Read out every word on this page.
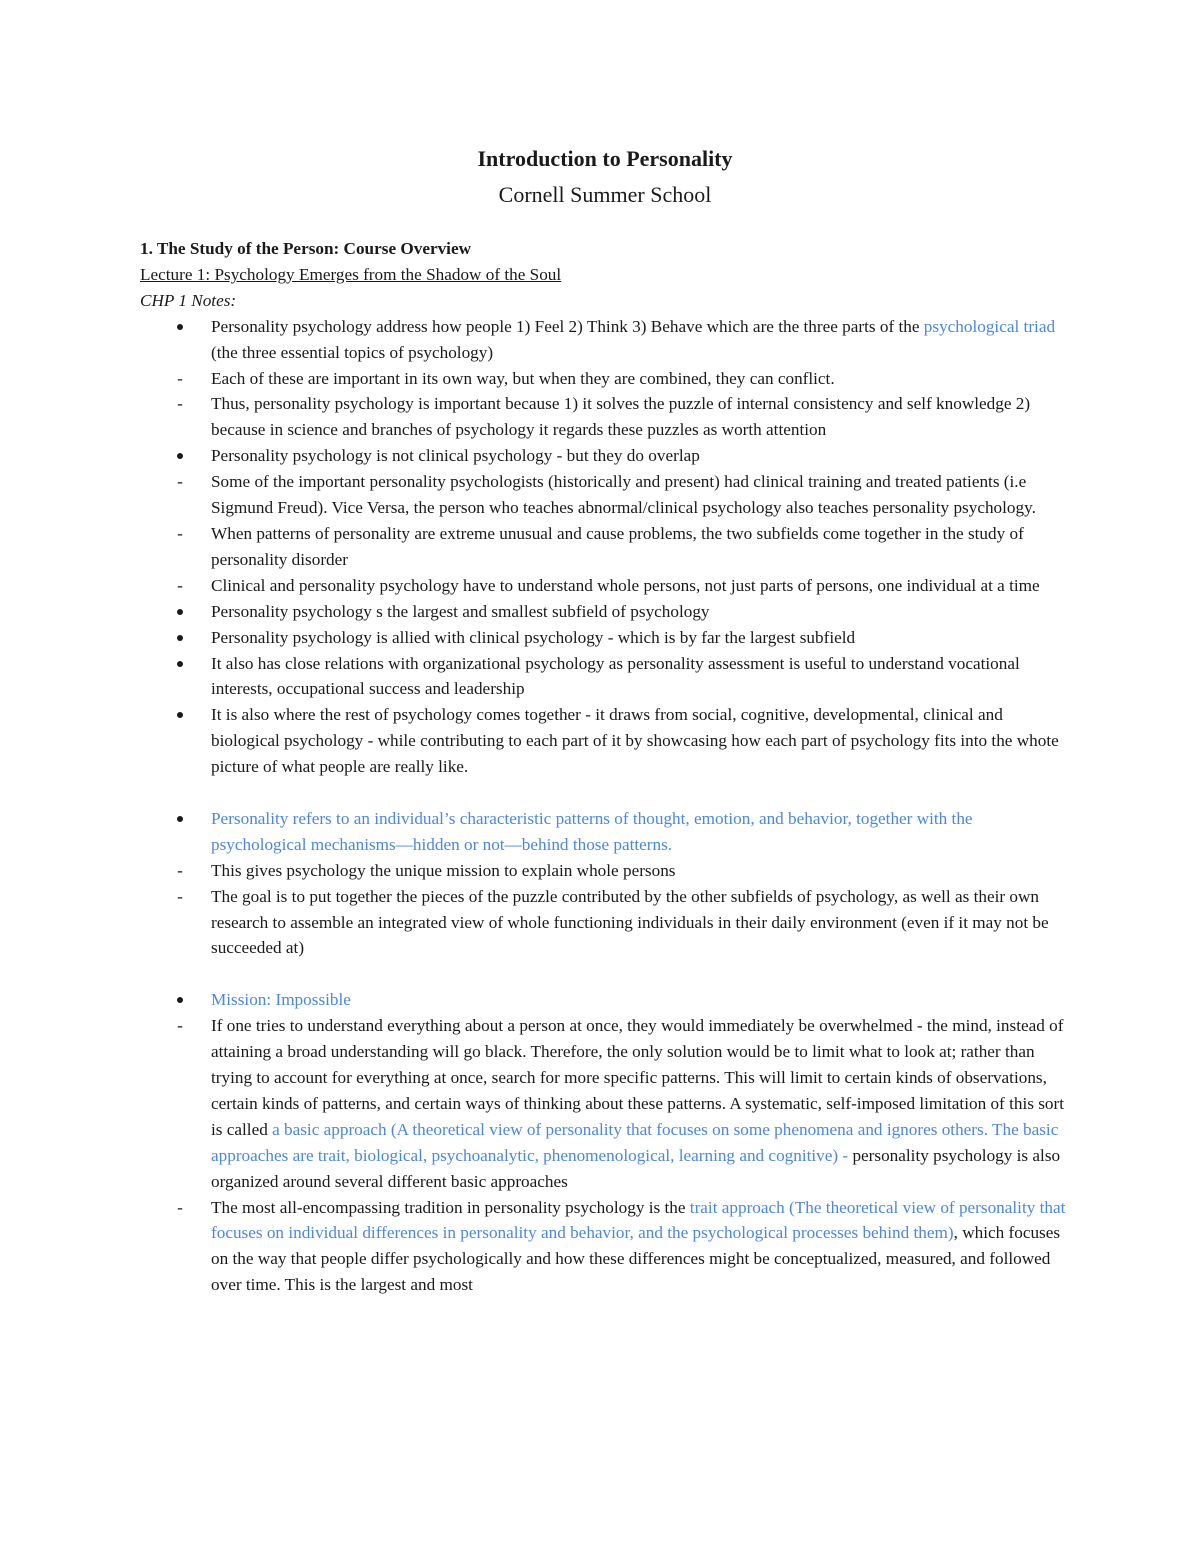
Introduction to Personality
Cornell Summer School
1. The Study of the Person: Course Overview
Lecture 1: Psychology Emerges from the Shadow of the Soul
CHP 1 Notes:
Personality psychology address how people 1) Feel 2) Think 3) Behave which are the three parts of the psychological triad (the three essential topics of psychology)
- Each of these are important in its own way, but when they are combined, they can conflict.
- Thus, personality psychology is important because 1) it solves the puzzle of internal consistency and self knowledge 2) because in science and branches of psychology it regards these puzzles as worth attention
Personality psychology is not clinical psychology - but they do overlap
- Some of the important personality psychologists (historically and present) had clinical training and treated patients (i.e Sigmund Freud). Vice Versa, the person who teaches abnormal/clinical psychology also teaches personality psychology.
- When patterns of personality are extreme unusual and cause problems, the two subfields come together in the study of personality disorder
- Clinical and personality psychology have to understand whole persons, not just parts of persons, one individual at a time
Personality psychology s the largest and smallest subfield of psychology
Personality psychology is allied with clinical psychology - which is by far the largest subfield
It also has close relations with organizational psychology as personality assessment is useful to understand vocational interests, occupational success and leadership
It is also where the rest of psychology comes together - it draws from social, cognitive, developmental, clinical and biological psychology - while contributing to each part of it by showcasing how each part of psychology fits into the whote picture of what people are really like.
Personality refers to an individual’s characteristic patterns of thought, emotion, and behavior, together with the psychological mechanisms—hidden or not—behind those patterns.
- This gives psychology the unique mission to explain whole persons
- The goal is to put together the pieces of the puzzle contributed by the other subfields of psychology, as well as their own research to assemble an integrated view of whole functioning individuals in their daily environment (even if it may not be succeeded at)
Mission: Impossible
- If one tries to understand everything about a person at once, they would immediately be overwhelmed - the mind, instead of attaining a broad understanding will go black. Therefore, the only solution would be to limit what to look at; rather than trying to account for everything at once, search for more specific patterns. This will limit to certain kinds of observations, certain kinds of patterns, and certain ways of thinking about these patterns. A systematic, self-imposed limitation of this sort is called a basic approach (A theoretical view of personality that focuses on some phenomena and ignores others. The basic approaches are trait, biological, psychoanalytic, phenomenological, learning and cognitive) - personality psychology is also organized around several different basic approaches
- The most all-encompassing tradition in personality psychology is the trait approach (The theoretical view of personality that focuses on individual differences in personality and behavior, and the psychological processes behind them), which focuses on the way that people differ psychologically and how these differences might be conceptualized, measured, and followed over time. This is the largest and most
